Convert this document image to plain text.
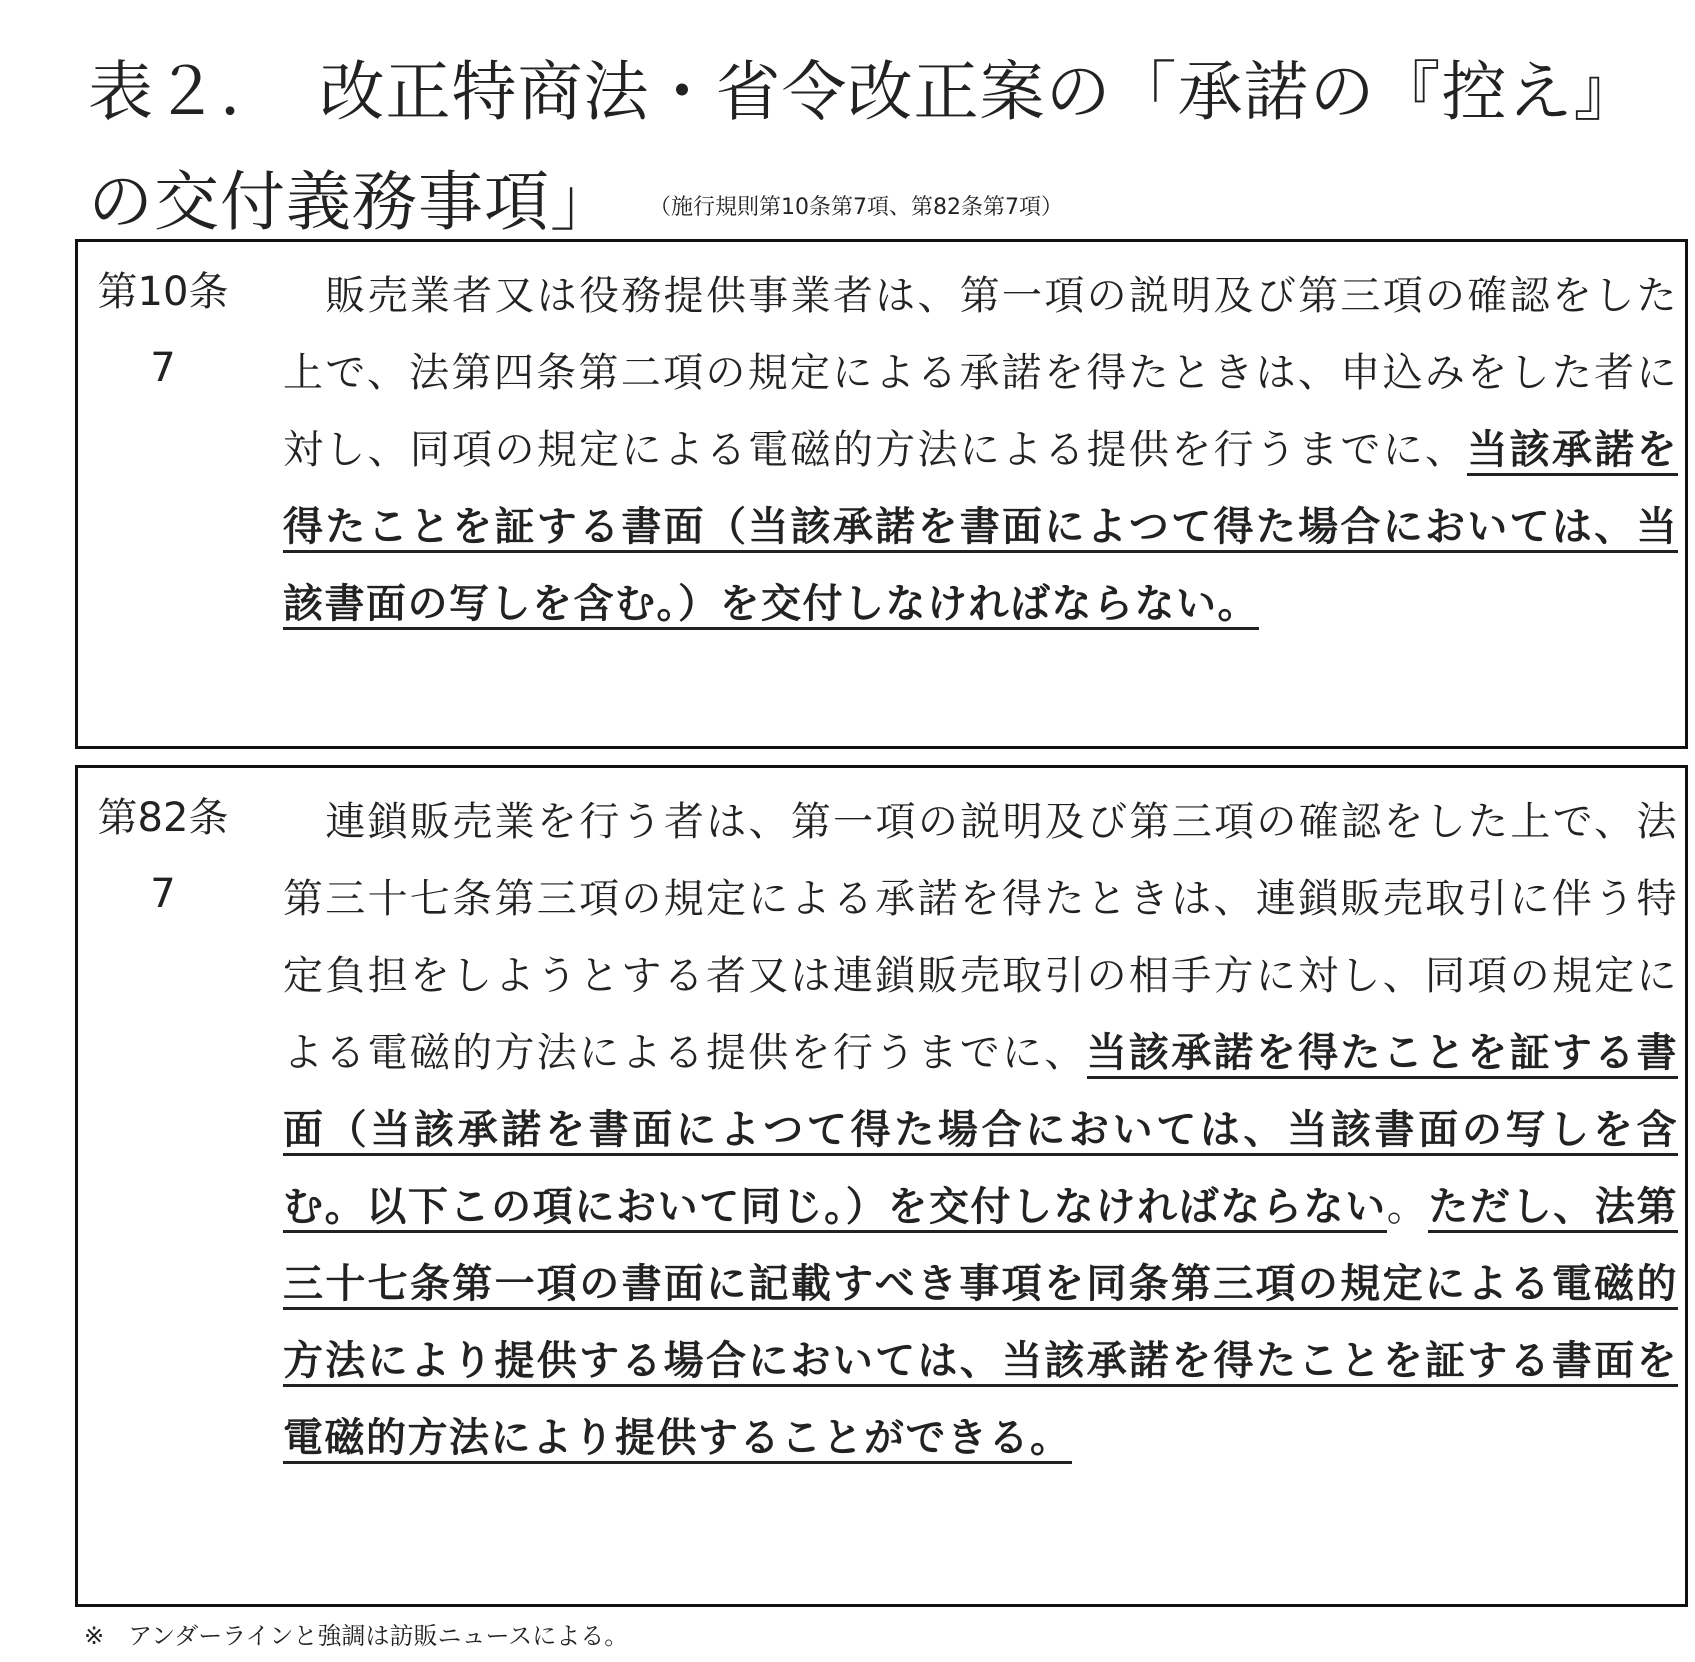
表２．　改正特商法・省令改正案の「承諾の『控え』の交付義務事項」 （施行規則第10条第7項、第82条第7項）
第10条
7

　販売業者又は役務提供事業者は、第一項の説明及び第三項の確認をした上で、法第四条第二項の規定による承諾を得たときは、申込みをした者に対し、同項の規定による電磁的方法による提供を行うまでに、当該承諾を得たことを証する書面（当該承諾を書面によつて得た場合においては、当該書面の写しを含む。）を交付しなければならない。

第82条
7

　連鎖販売業を行う者は、第一項の説明及び第三項の確認をした上で、法第三十七条第三項の規定による承諾を得たときは、連鎖販売取引に伴う特定負担をしようとする者又は連鎖販売取引の相手方に対し、同項の規定による電磁的方法による提供を行うまでに、当該承諾を得たことを証する書面（当該承諾を書面によつて得た場合においては、当該書面の写しを含む。以下この項において同じ。）を交付しなければならない。ただし、法第三十七条第一項の書面に記載すべき事項を同条第三項の規定による電磁的方法により提供する場合においては、当該承諾を得たことを証する書面を電磁的方法により提供することができる。

※　アンダーラインと強調は訪販ニュースによる。
